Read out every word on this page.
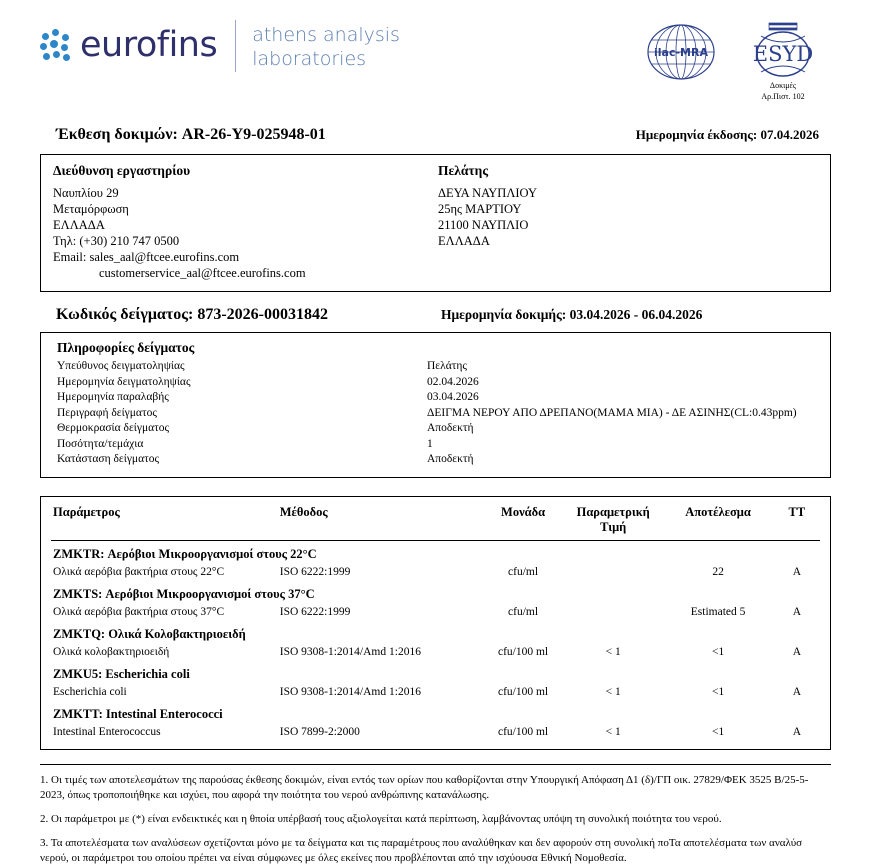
eurofins athens analysis
laboratories	ilac-MRA ESYD
Δοκιμές
Αρ.Πιστ. 102
Έκθεση δοκιμών: AR-26-Y9-025948-01	Ημερομηνία έκδοσης: 07.04.2026
Διεύθυνση εργαστηρίου
Ναυπλίου 29
Μεταμόρφωση
ΕΛΛΑΔΑ
Τηλ: (+30) 210 747 0500
Email: sales_aal@ftcee.eurofins.com
customerservice_aal@ftcee.eurofins.com
Πελάτης
ΔΕΥΑ ΝΑΥΠΛΙΟΥ
25ης ΜΑΡΤΙΟΥ
21100 ΝΑΥΠΛΙΟ
ΕΛΛΑΔΑ
Κωδικός δείγματος: 873-2026-00031842	Ημερομηνία δοκιμής: 03.04.2026 - 06.04.2026
Πληροφορίες δείγματος
Υπεύθυνος δειγματοληψίας	Πελάτης
Ημερομηνία δειγματοληψίας	02.04.2026
Ημερομηνία παραλαβής	03.04.2026
Περιγραφή δείγματος	ΔΕΙΓΜΑ ΝΕΡΟΥ ΑΠΟ ΔΡΕΠΑΝΟ(ΜΑΜΑ ΜΙΑ) - ΔΕ ΑΣΙΝΗΣ(CL:0.43ppm)
Θερμοκρασία δείγματος	Αποδεκτή
Ποσότητα/τεμάχια	1
Κατάσταση δείγματος	Αποδεκτή
Παράμετρος	Μέθοδος	Μονάδα	Παραμετρική
Τιμή	Αποτέλεσμα	ΤΤ
ZMKTR: Αερόβιοι Μικροοργανισμοί στους 22°C					
Ολικά αερόβια βακτήρια στους 22°C	ISO 6222:1999	cfu/ml		22	A
ZMKTS: Αερόβιοι Μικροοργανισμοί στους 37°C					
Ολικά αερόβια βακτήρια στους 37°C	ISO 6222:1999	cfu/ml		Estimated 5	A
ZMKTQ: Ολικά Κολοβακτηριοειδή					
Ολικά κολοβακτηριοειδή	ISO 9308-1:2014/Amd 1:2016	cfu/100 ml	< 1	<1	A
ZMKU5: Escherichia coli					
Escherichia coli	ISO 9308-1:2014/Amd 1:2016	cfu/100 ml	< 1	<1	A
ZMKTT: Intestinal Enterococci					
Intestinal Enterococcus	ISO 7899-2:2000	cfu/100 ml	< 1	<1	A

1. Οι τιμές των αποτελεσμάτων της παρούσας έκθεσης δοκιμών, είναι εντός των ορίων που καθορίζονται στην Υπουργική Απόφαση Δ1 (δ)/ΓΠ οικ. 27829/ΦΕΚ 3525 Β/25-5-2023, όπως τροποποιήθηκε και ισχύει, που αφορά την ποιότητα του νερού ανθρώπινης κατανάλωσης.

2. Οι παράμετροι με (*) είναι ενδεικτικές και η θποία υπέρβασή τους αξιολογείται κατά περίπτωση, λαμβάνοντας υπόψη τη συνολική ποιότητα του νερού.

3. Τα αποτελέσματα των αναλύσεων σχετίζονται μόνο με τα δείγματα και τις παραμέτρους που αναλύθηκαν και δεν αφορούν στη συνολική ποΤα αποτελέσματα των αναλύσ νερού, οι παράμετροι του οποίου πρέπει να είναι σύμφωνες με όλες εκείνες που προβλέπονται από την ισχύουσα Εθνική Νομοθεσία.
